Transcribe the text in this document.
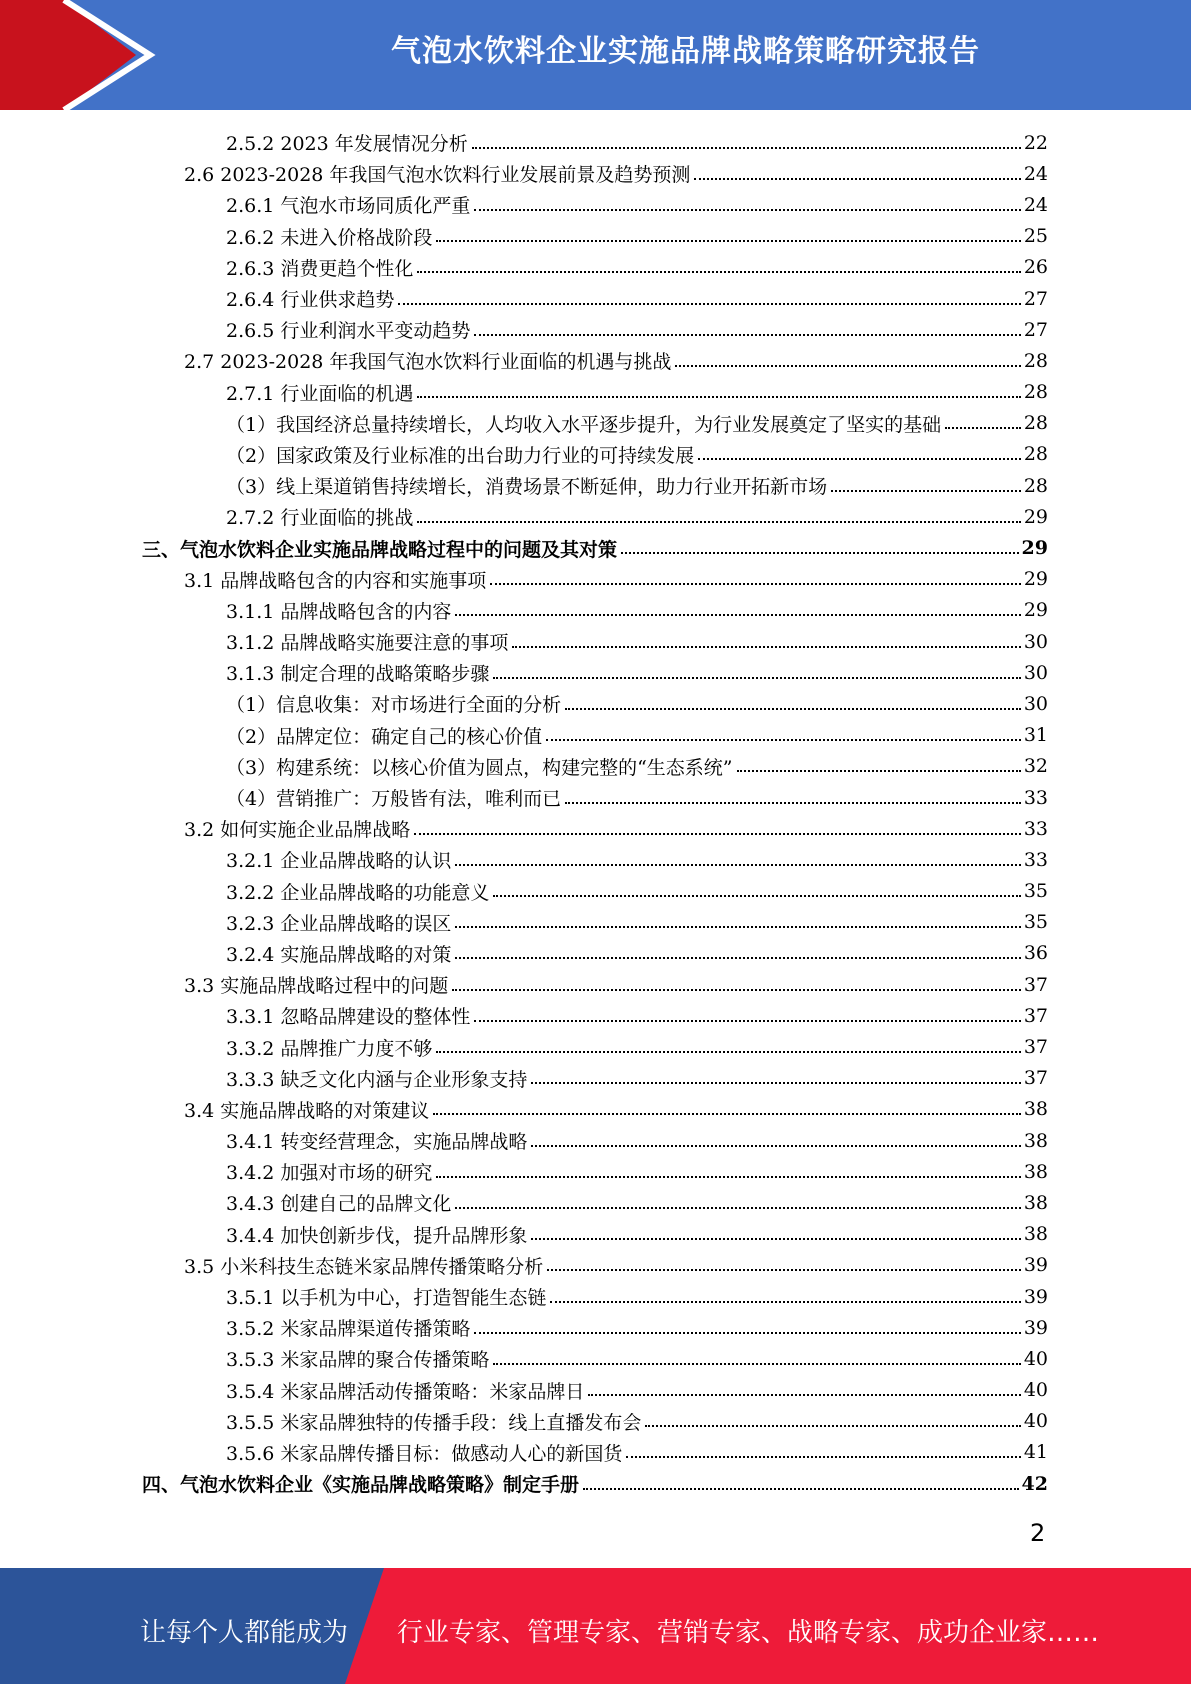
气泡水饮料企业实施品牌战略策略研究报告
2.5.2 2023 年发展情况分析	22
2.6 2023-2028 年我国气泡水饮料行业发展前景及趋势预测	24
2.6.1 气泡水市场同质化严重	24
2.6.2 未进入价格战阶段	25
2.6.3 消费更趋个性化	26
2.6.4 行业供求趋势	27
2.6.5 行业利润水平变动趋势	27
2.7 2023-2028 年我国气泡水饮料行业面临的机遇与挑战	28
2.7.1 行业面临的机遇	28
（1）我国经济总量持续增长，人均收入水平逐步提升，为行业发展奠定了坚实的基础	28
（2）国家政策及行业标准的出台助力行业的可持续发展	28
（3）线上渠道销售持续增长，消费场景不断延伸，助力行业开拓新市场	28
2.7.2 行业面临的挑战	29
三、气泡水饮料企业实施品牌战略过程中的问题及其对策	29
3.1 品牌战略包含的内容和实施事项	29
3.1.1 品牌战略包含的内容	29
3.1.2 品牌战略实施要注意的事项	30
3.1.3 制定合理的战略策略步骤	30
（1）信息收集：对市场进行全面的分析	30
（2）品牌定位：确定自己的核心价值	31
（3）构建系统：以核心价值为圆点，构建完整的“生态系统”	32
（4）营销推广：万般皆有法，唯利而已	33
3.2 如何实施企业品牌战略	33
3.2.1 企业品牌战略的认识	33
3.2.2 企业品牌战略的功能意义	35
3.2.3 企业品牌战略的误区	35
3.2.4 实施品牌战略的对策	36
3.3 实施品牌战略过程中的问题	37
3.3.1 忽略品牌建设的整体性	37
3.3.2 品牌推广力度不够	37
3.3.3 缺乏文化内涵与企业形象支持	37
3.4 实施品牌战略的对策建议	38
3.4.1 转变经营理念，实施品牌战略	38
3.4.2 加强对市场的研究	38
3.4.3 创建自己的品牌文化	38
3.4.4 加快创新步伐，提升品牌形象	38
3.5 小米科技生态链米家品牌传播策略分析	39
3.5.1 以手机为中心，打造智能生态链	39
3.5.2 米家品牌渠道传播策略	39
3.5.3 米家品牌的聚合传播策略	40
3.5.4 米家品牌活动传播策略：米家品牌日	40
3.5.5 米家品牌独特的传播手段：线上直播发布会	40
3.5.6 米家品牌传播目标：做感动人心的新国货	41
四、气泡水饮料企业《实施品牌战略策略》制定手册	42
2
让每个人都能成为 行业专家、管理专家、营销专家、战略专家、成功企业家……
